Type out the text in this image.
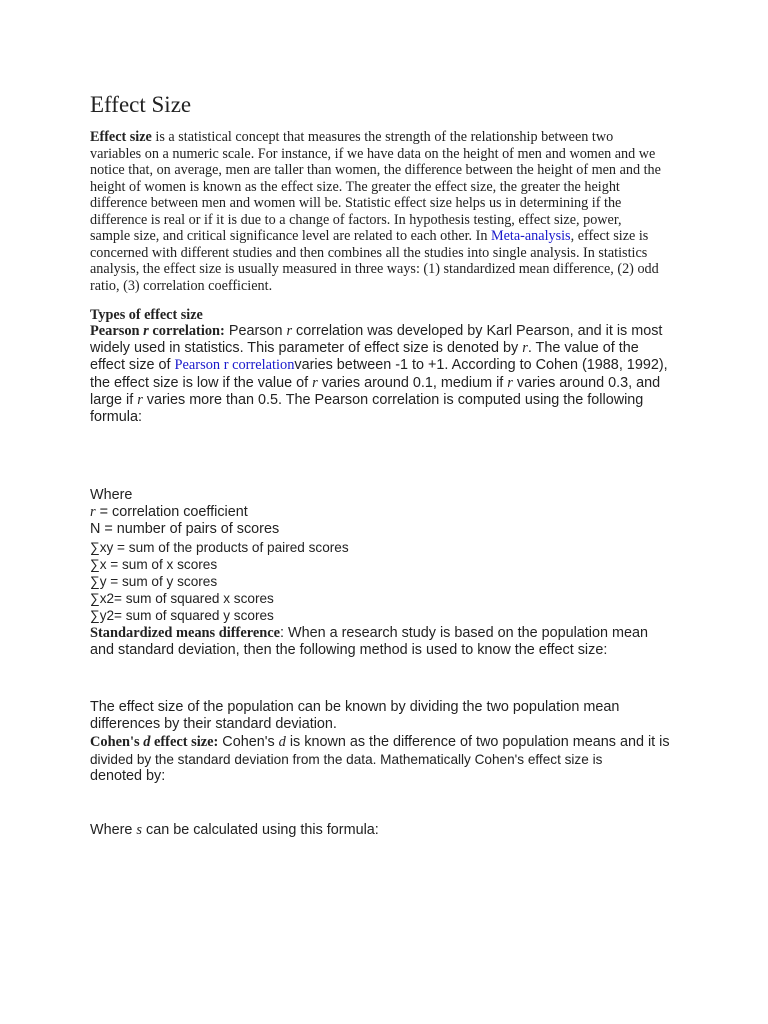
Effect Size
Effect size is a statistical concept that measures the strength of the relationship between two
variables on a numeric scale. For instance, if we have data on the height of men and women and we
notice that, on average, men are taller than women, the difference between the height of men and the
height of women is known as the effect size. The greater the effect size, the greater the height
difference between men and women will be. Statistic effect size helps us in determining if the
difference is real or if it is due to a change of factors. In hypothesis testing, effect size, power,
sample size, and critical significance level are related to each other. In Meta-analysis, effect size is
concerned with different studies and then combines all the studies into single analysis. In statistics
analysis, the effect size is usually measured in three ways: (1) standardized mean difference, (2) odd
ratio, (3) correlation coefficient.
Types of effect size
Pearson r correlation: Pearson r correlation was developed by Karl Pearson, and it is most
widely used in statistics. This parameter of effect size is denoted by r. The value of the
effect size of Pearson r correlationvaries between -1 to +1. According to Cohen (1988, 1992),
the effect size is low if the value of r varies around 0.1, medium if r varies around 0.3, and
large if r varies more than 0.5. The Pearson correlation is computed using the following
formula:
Where
r = correlation coefficient
N = number of pairs of scores
∑xy = sum of the products of paired scores
∑x = sum of x scores
∑y = sum of y scores
∑x2= sum of squared x scores
∑y2= sum of squared y scores
Standardized means difference: When a research study is based on the population mean
and standard deviation, then the following method is used to know the effect size:
The effect size of the population can be known by dividing the two population mean
differences by their standard deviation.
Cohen's d effect size: Cohen's d is known as the difference of two population means and it is
divided by the standard deviation from the data. Mathematically Cohen's effect size is
denoted by:
Where s can be calculated using this formula:
